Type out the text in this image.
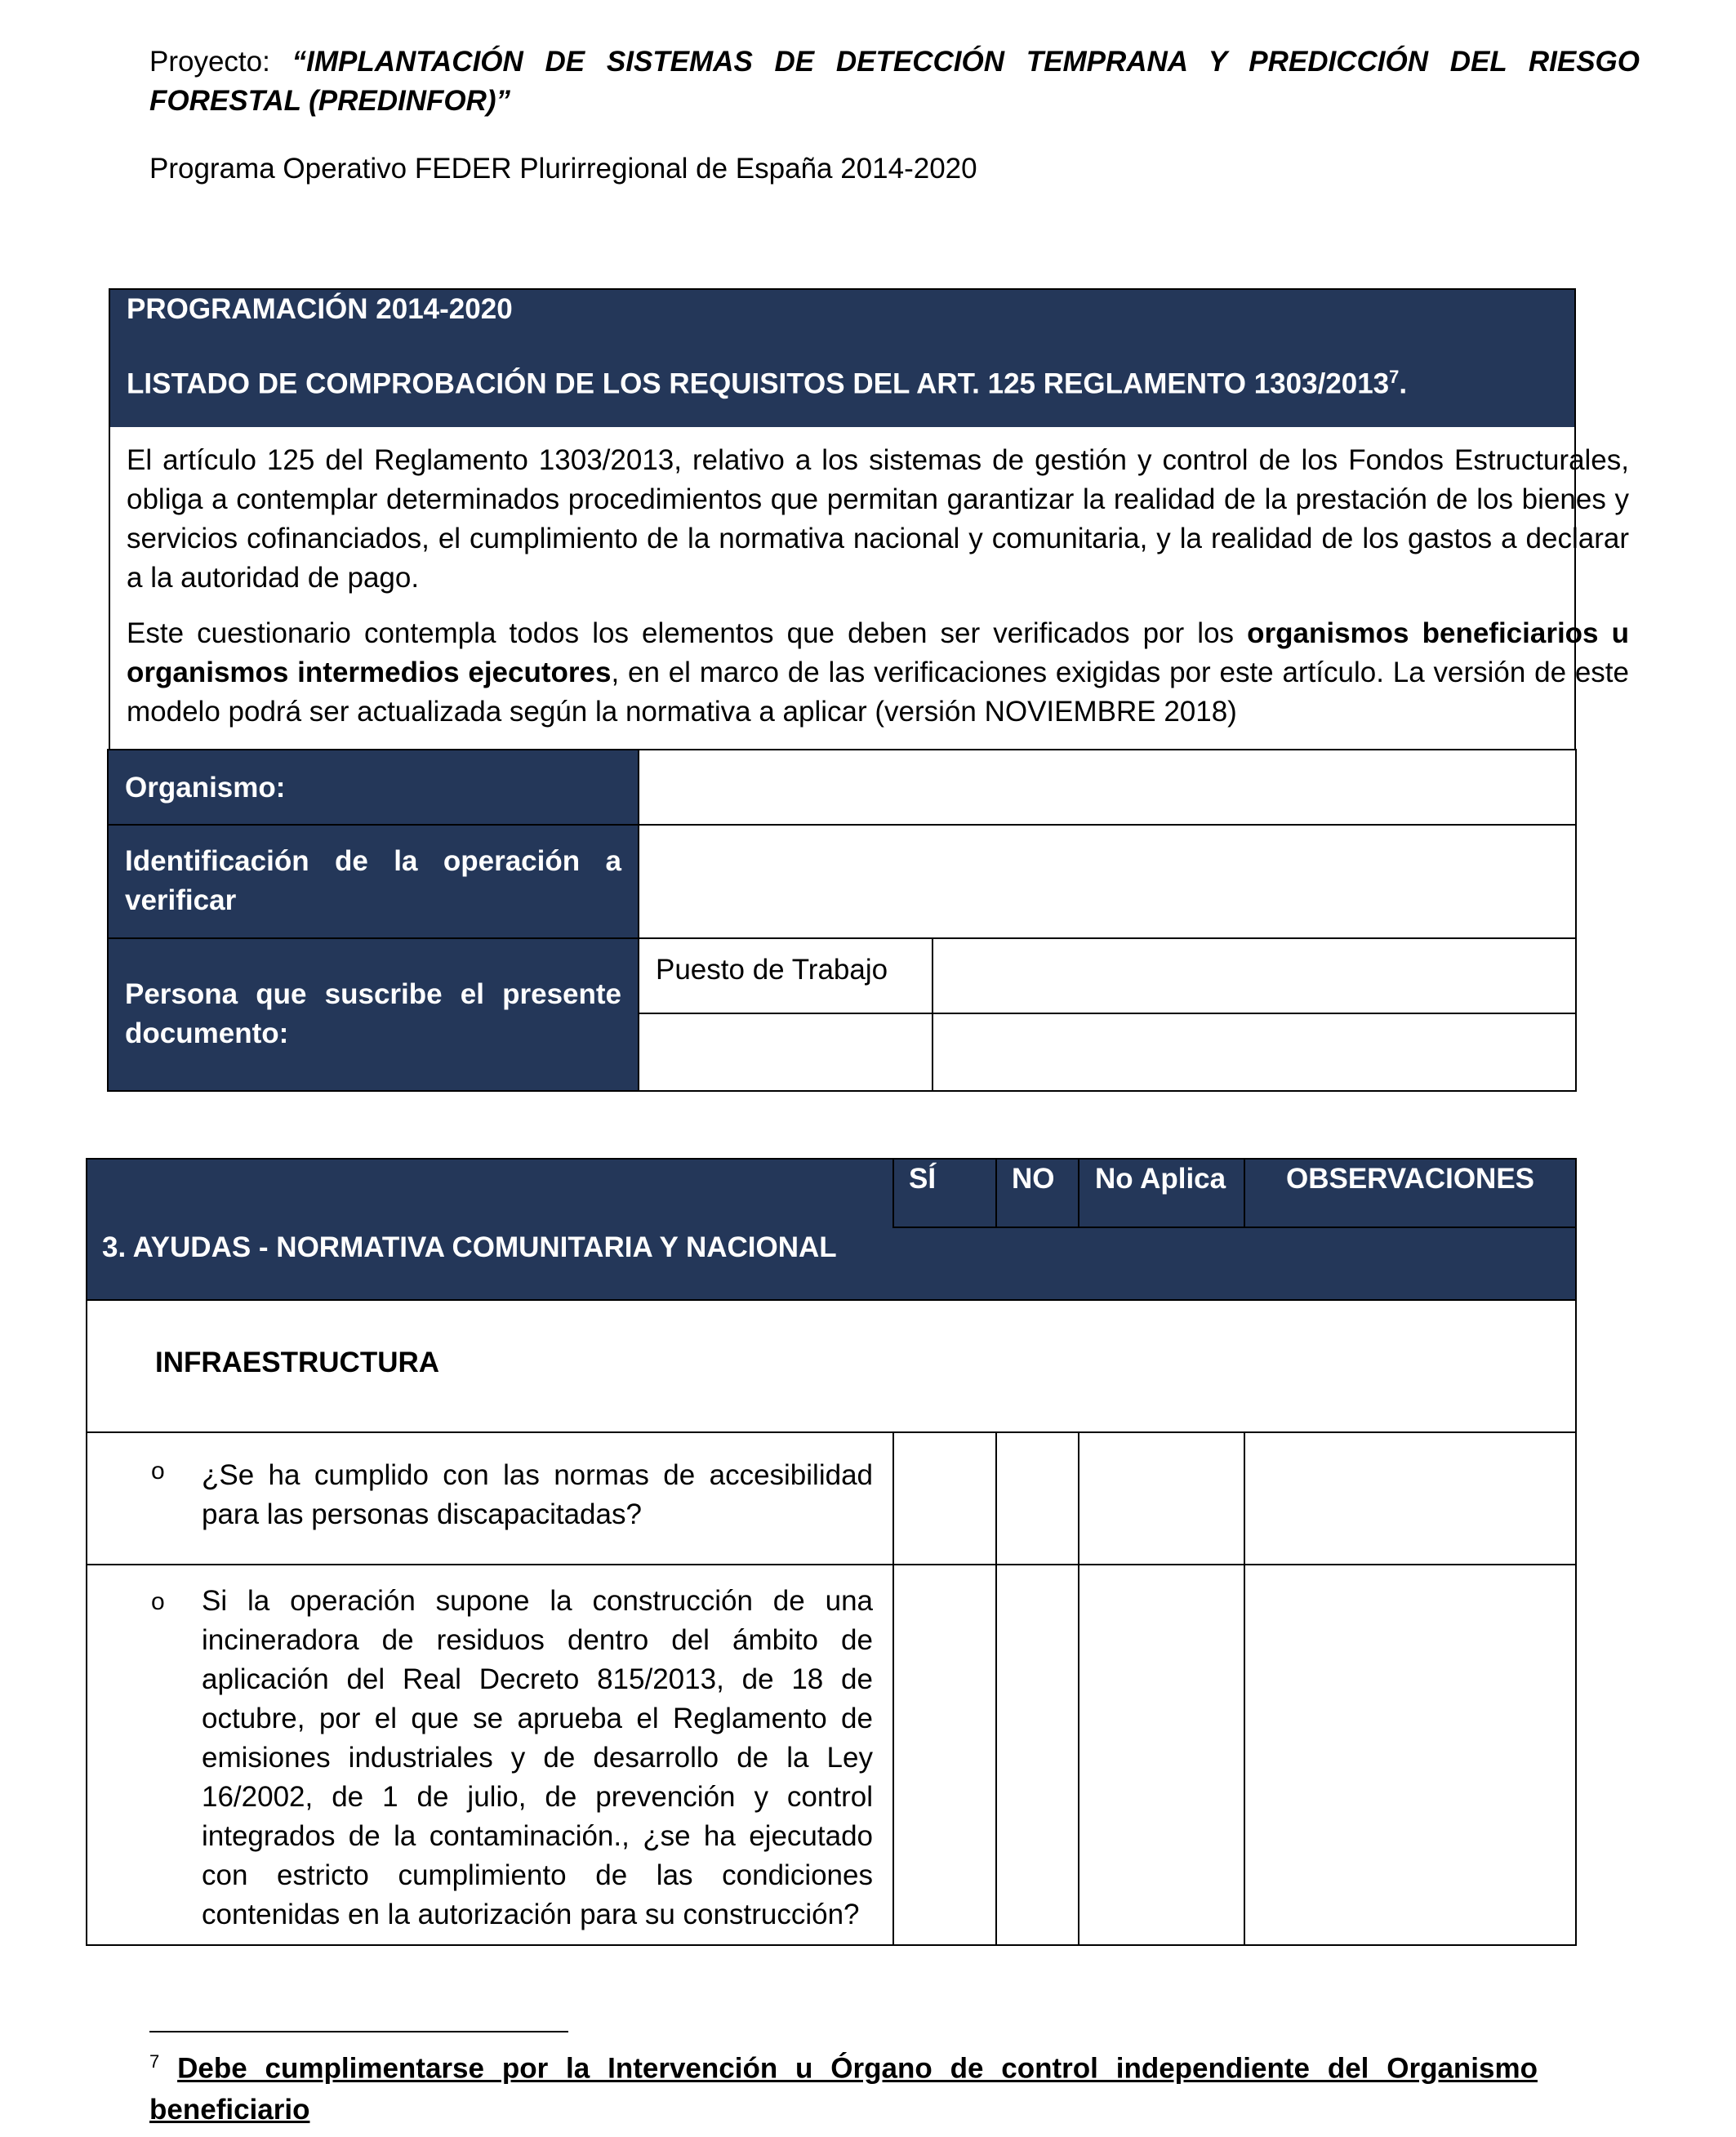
Proyecto: “IMPLANTACIÓN DE SISTEMAS DE DETECCIÓN TEMPRANA Y PREDICCIÓN DEL RIESGO FORESTAL (PREDINFOR)”
Programa Operativo FEDER Plurirregional de España 2014-2020
PROGRAMACIÓN 2014-2020
LISTADO DE COMPROBACIÓN DE LOS REQUISITOS DEL ART. 125 REGLAMENTO 1303/2013$^7$.

El artículo 125 del Reglamento 1303/2013, relativo a los sistemas de gestión y control de los Fondos Estructurales, obliga a contemplar determinados procedimientos que permitan garantizar la realidad de la prestación de los bienes y servicios cofinanciados, el cumplimiento de la normativa nacional y comunitaria, y la realidad de los gastos a declarar a la autoridad de pago.

Este cuestionario contempla todos los elementos que deben ser verificados por los organismos beneficiarios u organismos intermedios ejecutores, en el marco de las verificaciones exigidas por este artículo. La versión de este modelo podrá ser actualizada según la normativa a aplicar (versión NOVIEMBRE 2018)

Organismo:
Identificación de la operación a verificar
Persona que suscribe el presente documento:
Puesto de Trabajo
SÍ	NO No Aplica	OBSERVACIONES
3. AYUDAS - NORMATIVA COMUNITARIA Y NACIONAL
INFRAESTRUCTURA
o ¿Se ha cumplido con las normas de accesibilidad para las personas discapacitadas?
o Si la operación supone la construcción de una incineradora de residuos dentro del ámbito de aplicación del Real Decreto 815/2013, de 18 de octubre, por el que se aprueba el Reglamento de emisiones industriales y de desarrollo de la Ley 16/2002, de 1 de julio, de prevención y control integrados de la contaminación., ¿se ha ejecutado con estricto cumplimiento de las condiciones contenidas en la autorización para su construcción?
$^7$ Debe cumplimentarse por la Intervención u Órgano de control independiente del Organismo beneficiario
